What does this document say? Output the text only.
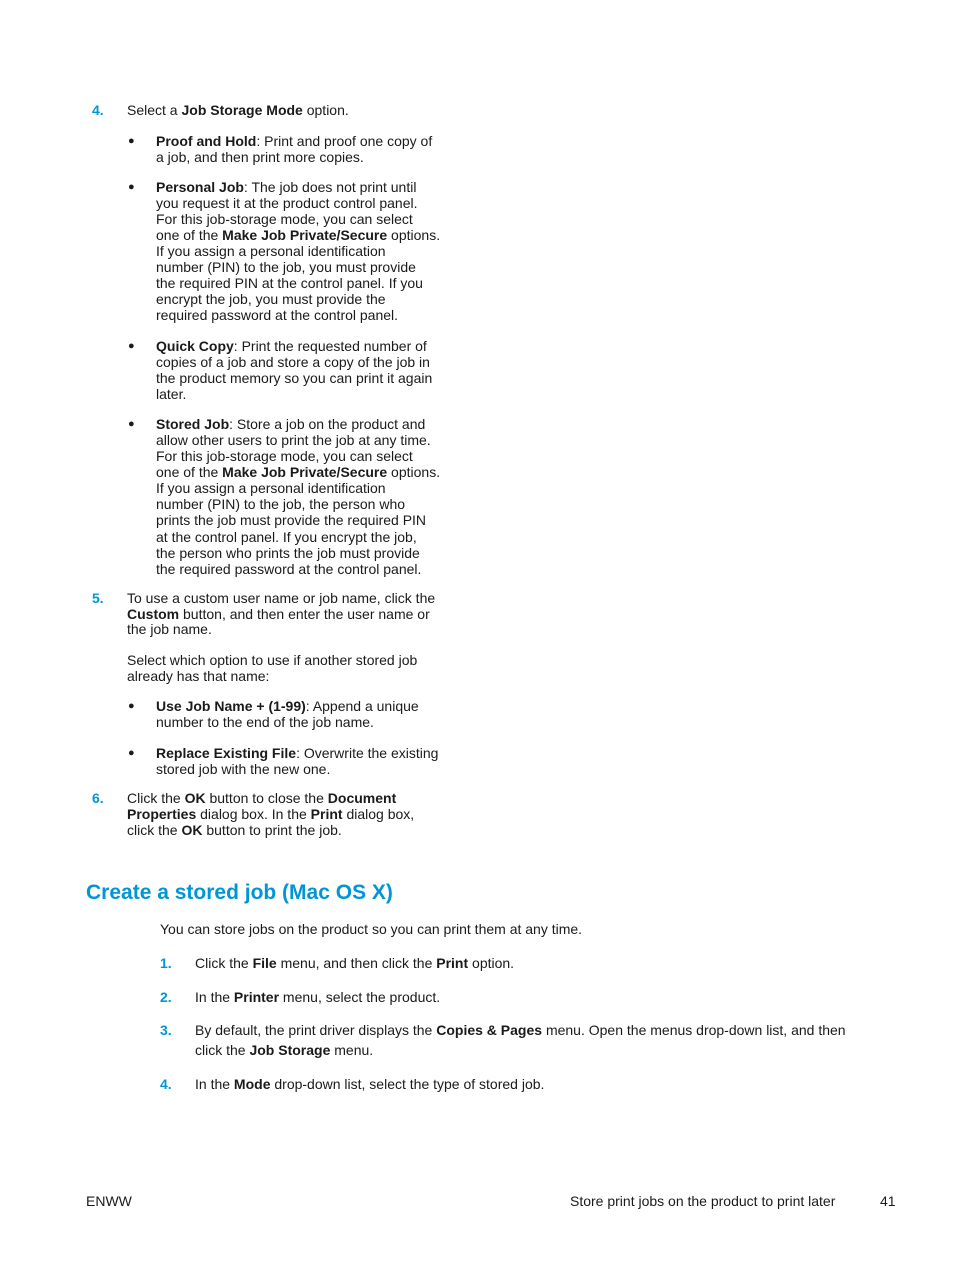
4. Select a Job Storage Mode option.
● Proof and Hold: Print and proof one copy of
a job, and then print more copies.
● Personal Job: The job does not print until
you request it at the product control panel.
For this job-storage mode, you can select
one of the Make Job Private/Secure options.
If you assign a personal identification
number (PIN) to the job, you must provide
the required PIN at the control panel. If you
encrypt the job, you must provide the
required password at the control panel.
● Quick Copy: Print the requested number of
copies of a job and store a copy of the job in
the product memory so you can print it again
later.
● Stored Job: Store a job on the product and
allow other users to print the job at any time.
For this job-storage mode, you can select
one of the Make Job Private/Secure options.
If you assign a personal identification
number (PIN) to the job, the person who
prints the job must provide the required PIN
at the control panel. If you encrypt the job,
the person who prints the job must provide
the required password at the control panel.
5. To use a custom user name or job name, click the
Custom button, and then enter the user name or
the job name.
Select which option to use if another stored job
already has that name:
● Use Job Name + (1-99): Append a unique
number to the end of the job name.
● Replace Existing File: Overwrite the existing
stored job with the new one.
6. Click the OK button to close the Document
Properties dialog box. In the Print dialog box,
click the OK button to print the job.
Create a stored job (Mac OS X)
You can store jobs on the product so you can print them at any time.
1. Click the File menu, and then click the Print option.
2. In the Printer menu, select the product.
3. By default, the print driver displays the Copies & Pages menu. Open the menus drop-down list, and then
click the Job Storage menu.
4. In the Mode drop-down list, select the type of stored job.
ENWW	Store print jobs on the product to print later	41
